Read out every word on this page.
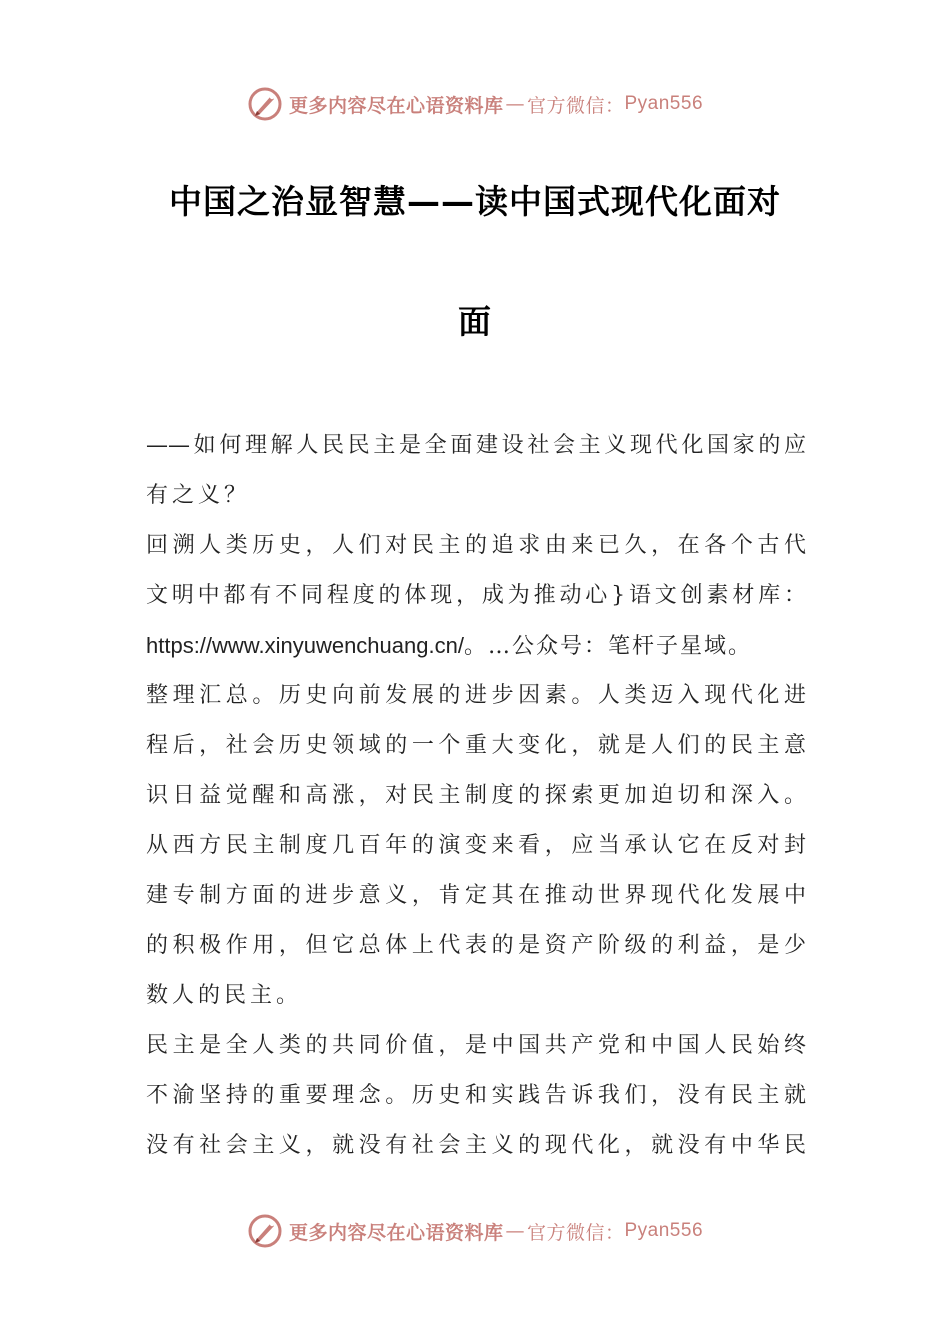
更多内容尽在心语资料库 — 官方微信： Pyan556
中国之治显智慧——读中国式现代化面对
面
——如何理解人民民主是全面建设社会主义现代化国家的应
有之义？
回溯人类历史，人们对民主的追求由来已久，在各个古代
文明中都有不同程度的体现，成为推动心}语文创素材库：
https://www.xinyuwenchuang.cn/。…公众号：笔杆子星域。
整理汇总。历史向前发展的进步因素。人类迈入现代化进
程后，社会历史领域的一个重大变化，就是人们的民主意
识日益觉醒和高涨，对民主制度的探索更加迫切和深入。
从西方民主制度几百年的演变来看，应当承认它在反对封
建专制方面的进步意义，肯定其在推动世界现代化发展中
的积极作用，但它总体上代表的是资产阶级的利益，是少
数人的民主。
民主是全人类的共同价值，是中国共产党和中国人民始终
不渝坚持的重要理念。历史和实践告诉我们，没有民主就
没有社会主义，就没有社会主义的现代化，就没有中华民
更多内容尽在心语资料库 — 官方微信： Pyan556
